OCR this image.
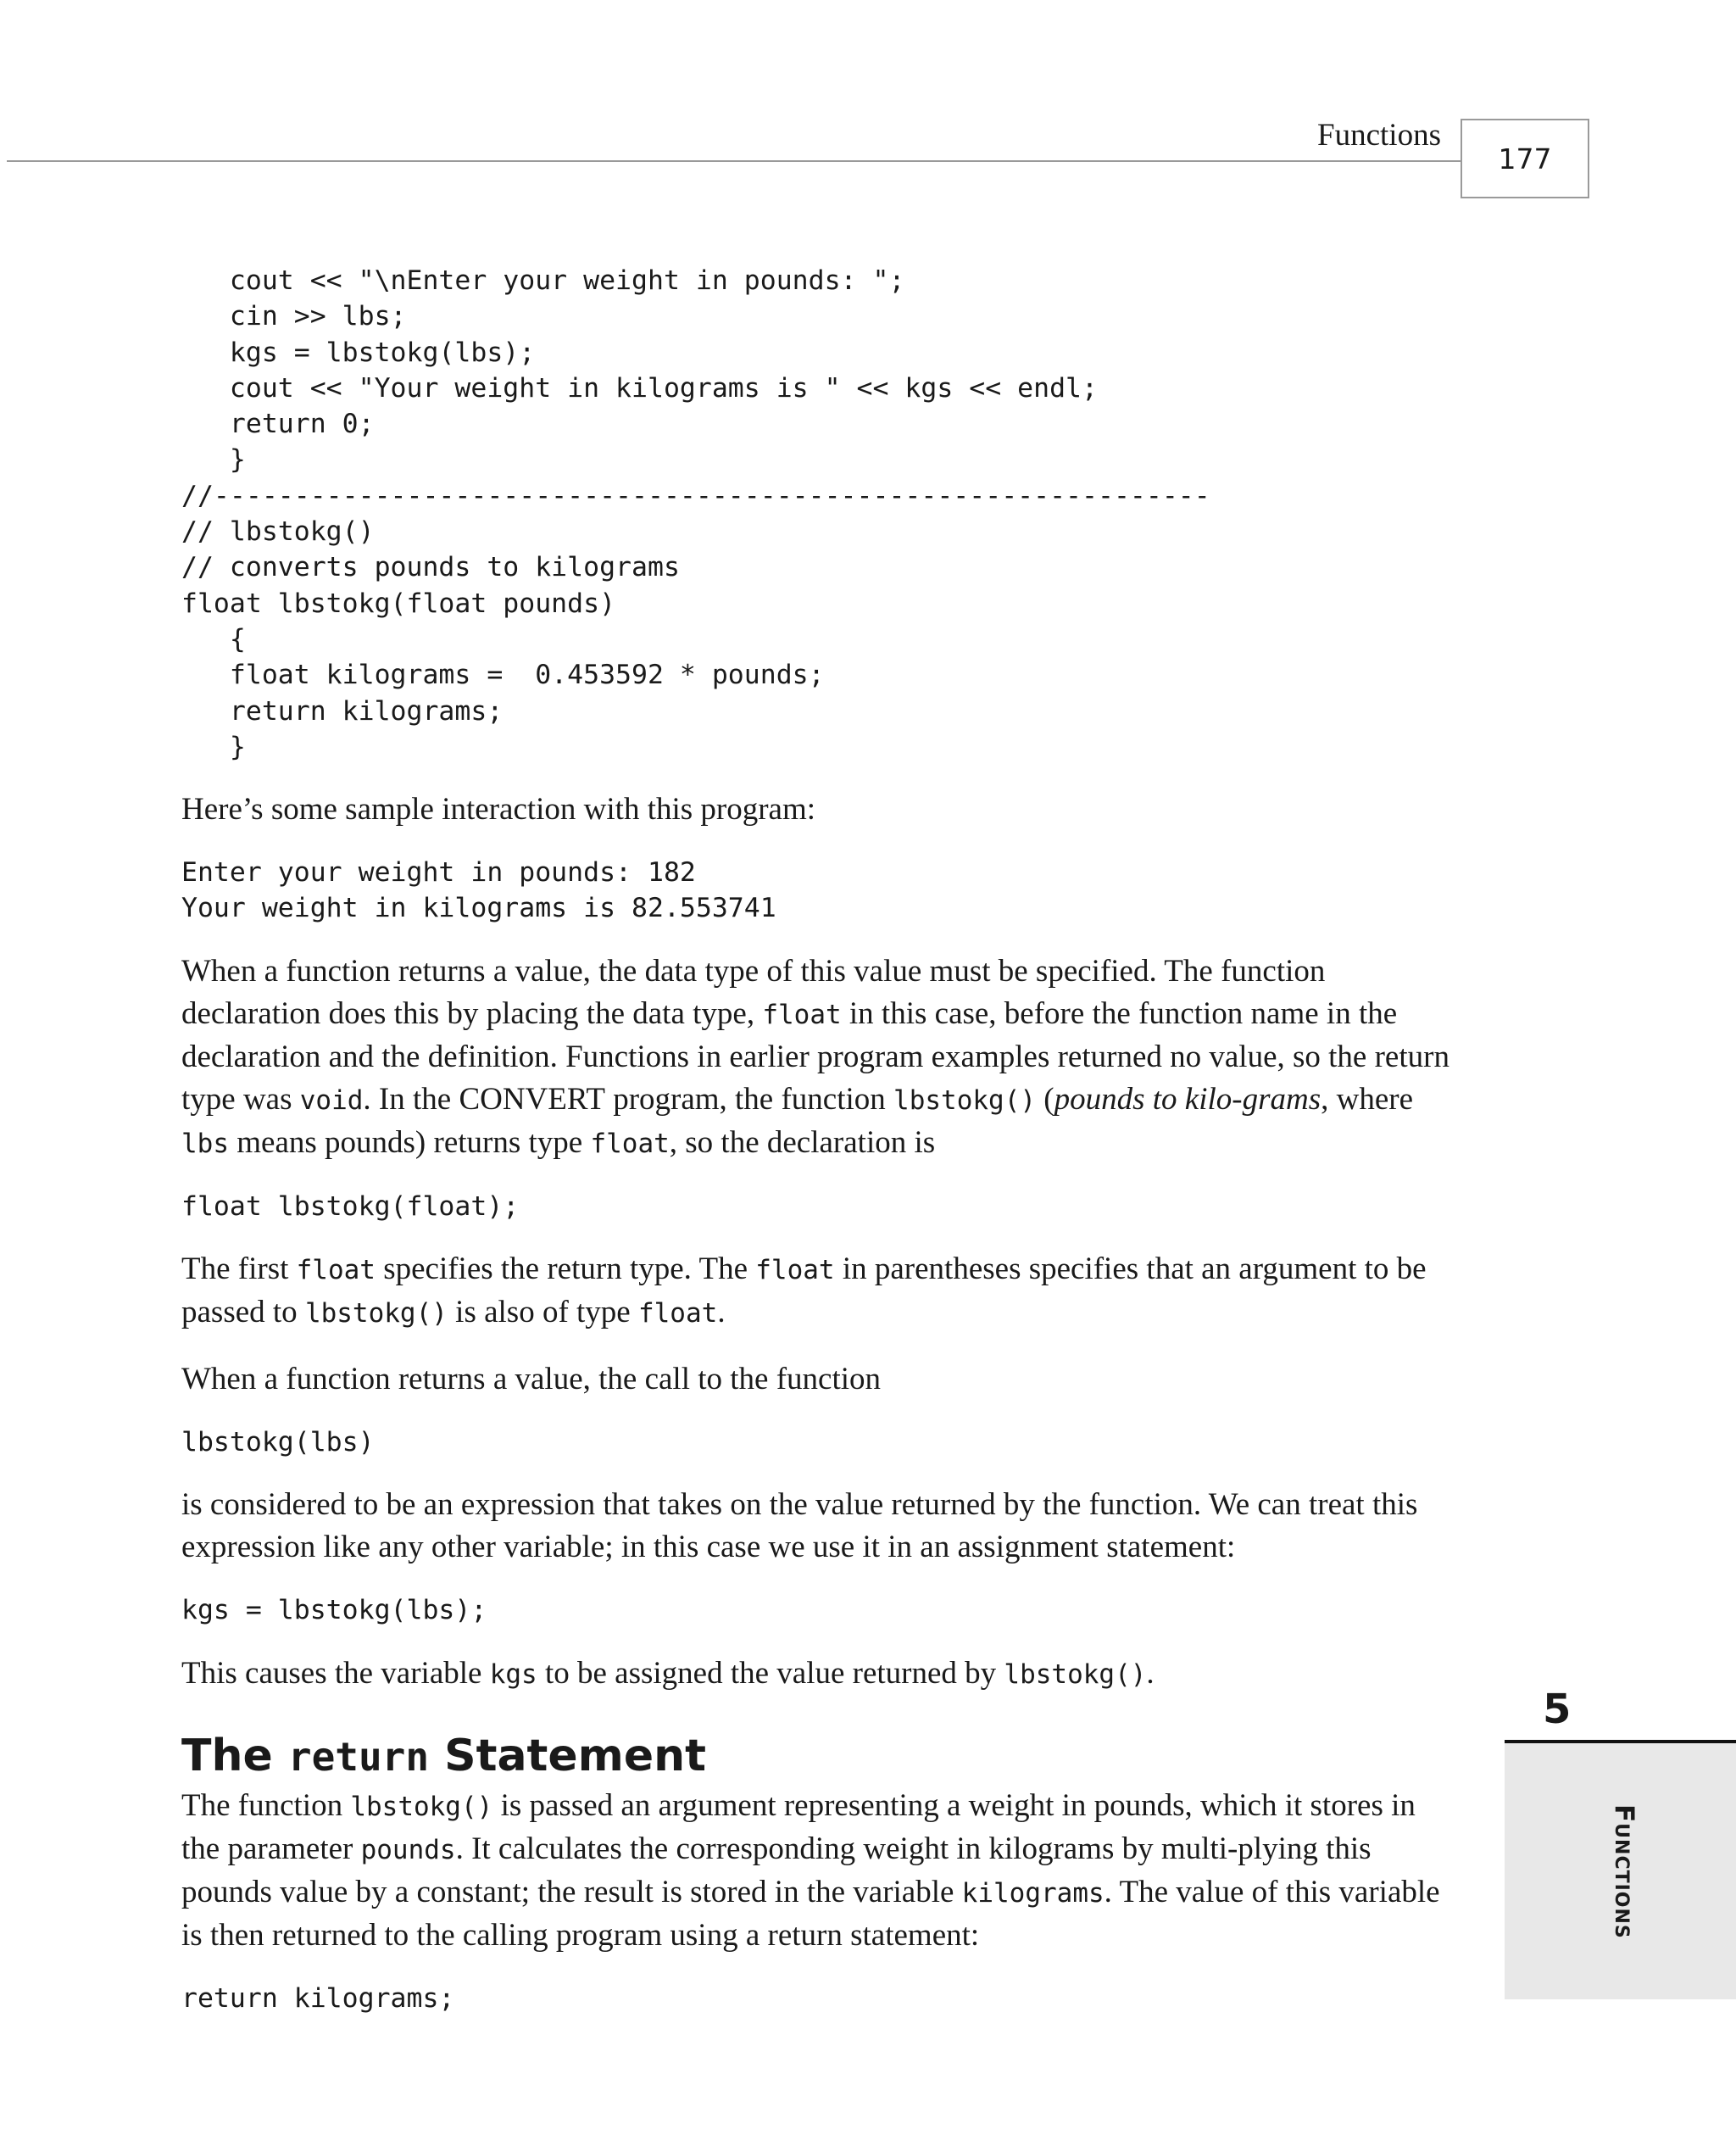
Functions
177
cout << "\nEnter your weight in pounds: ";
cin >> lbs;
kgs = lbstokg(lbs);
cout << "Your weight in kilograms is " << kgs << endl;
return 0;
}
//--------------------------------------------------------------
// lbstokg()
// converts pounds to kilograms
float lbstokg(float pounds)
{
float kilograms =  0.453592 * pounds;
return kilograms;
}

Here’s some sample interaction with this program:

Enter your weight in pounds: 182
Your weight in kilograms is 82.553741

When a function returns a value, the data type of this value must be specified. The function declaration does this by placing the data type, float in this case, before the function name in the declaration and the definition. Functions in earlier program examples returned no value, so the return type was void. In the CONVERT program, the function lbstokg() (pounds to kilo-grams, where lbs means pounds) returns type float, so the declaration is

float lbstokg(float);

The first float specifies the return type. The float in parentheses specifies that an argument to be passed to lbstokg() is also of type float.

When a function returns a value, the call to the function

lbstokg(lbs)

is considered to be an expression that takes on the value returned by the function. We can treat this expression like any other variable; in this case we use it in an assignment statement:

kgs = lbstokg(lbs);

This causes the variable kgs to be assigned the value returned by lbstokg().

The return Statement

The function lbstokg() is passed an argument representing a weight in pounds, which it stores in the parameter pounds. It calculates the corresponding weight in kilograms by multi-plying this pounds value by a constant; the result is stored in the variable kilograms. The value of this variable is then returned to the calling program using a return statement:

return kilograms;
5
Functions
